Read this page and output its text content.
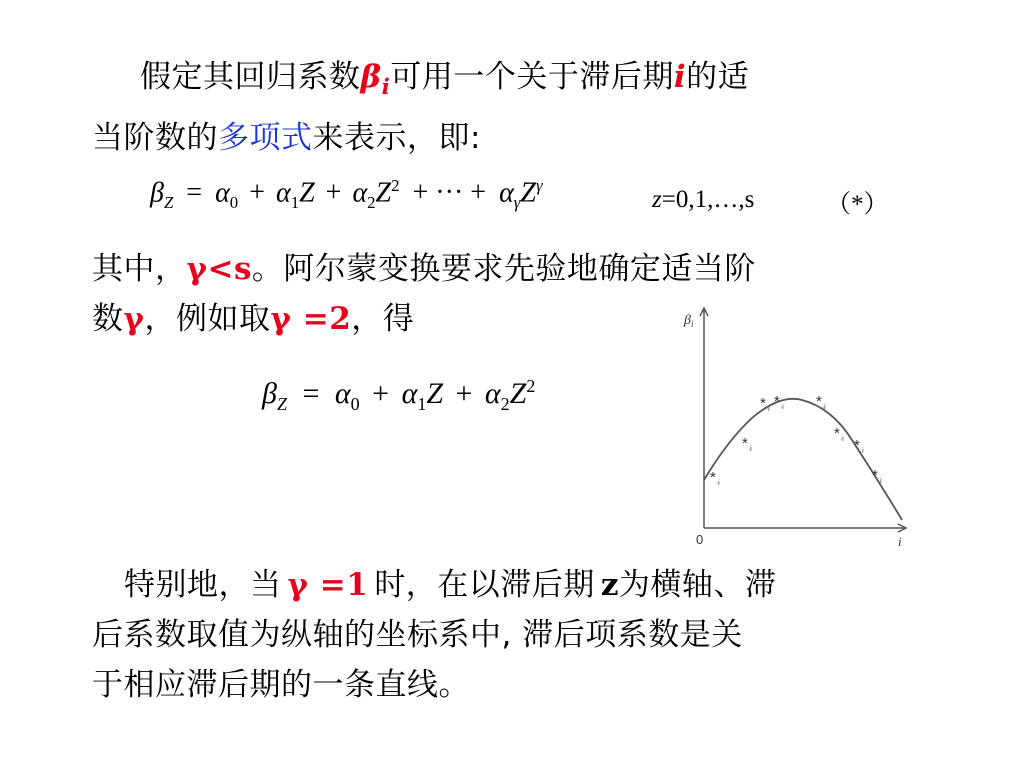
假定其回归系数$\beta_i$可用一个关于滞后期i的适
当阶数的多项式来表示，即:
$\beta_Z = \alpha_0 + \alpha_1Z + \alpha_2Z^2$ + ··· + $\alpha_\gamma Z^\gamma$
z=0,1,…,s	（*）
其中，γ<s。阿尔蒙变换要求先验地确定适当阶
数γ，例如取γ =2，得
$\beta_Z = \alpha_0 + \alpha_1Z + \alpha_2Z^2$
$\beta_i$
0	i
$*_{\cdot i}$
$*_{\cdot i}$
$*_{\cdot i}$ $*_{\cdot i}$ $*_{\cdot i}$
$*_{\cdot i}$ $*_{\cdot i}$
$*_{\cdot i}$
特别地，当 γ =1 时，在以滞后期 z为横轴、滞
后系数取值为纵轴的坐标系中, 滞后项系数是关
于相应滞后期的一条直线。
